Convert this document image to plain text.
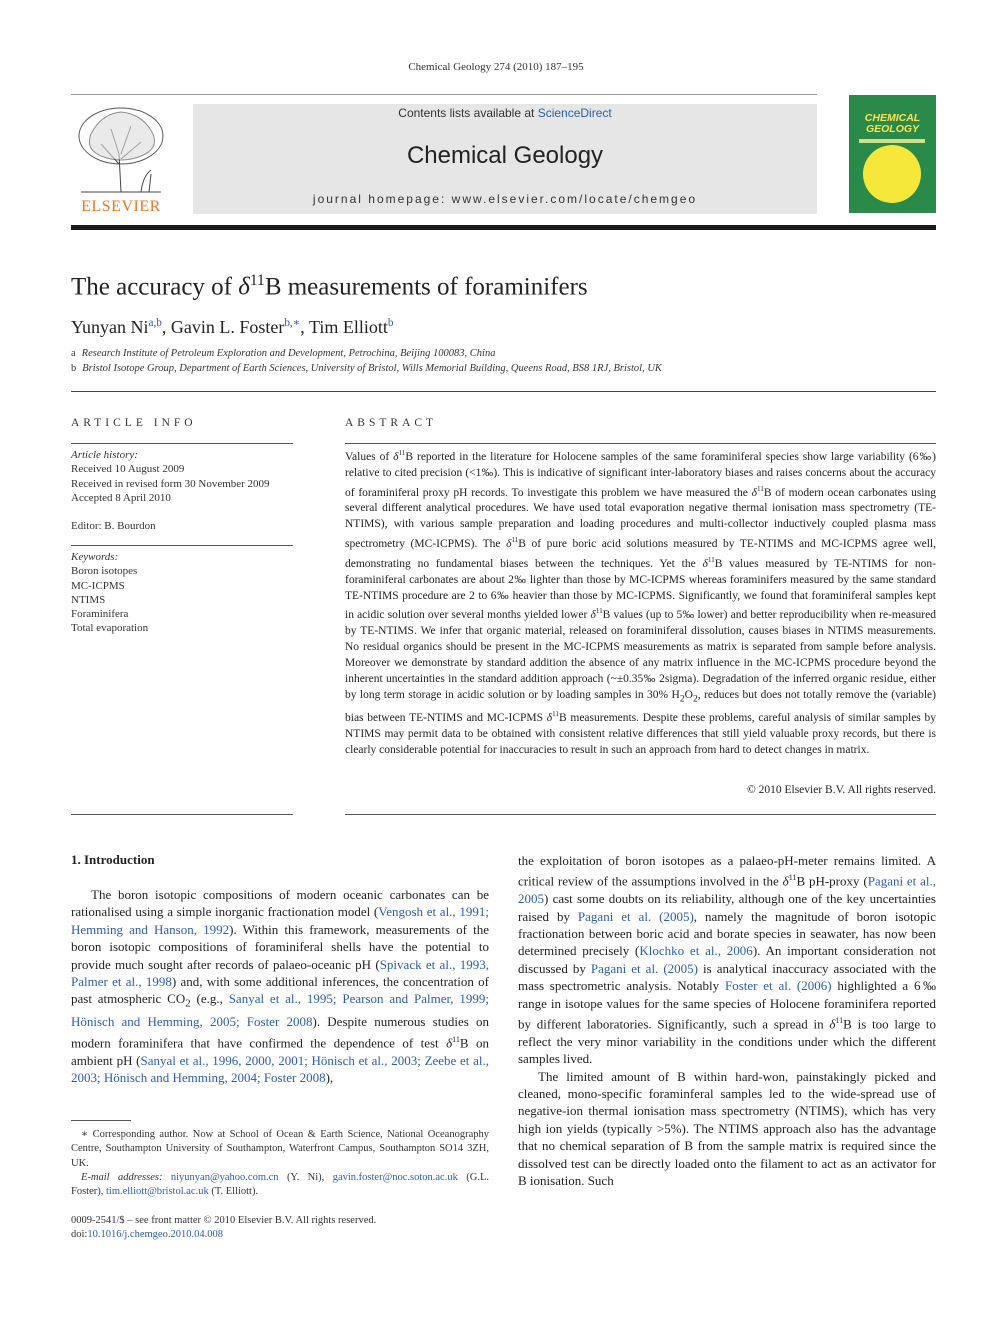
Chemical Geology 274 (2010) 187–195
ELSEVIER
Contents lists available at ScienceDirect
Chemical Geology
journal homepage: www.elsevier.com/locate/chemgeo
CHEMICAL
GEOLOGY
The accuracy of $\delta^{11}B$ measurements of foraminifers
Yunyan Ni$^{a,b}$, Gavin L. Foster$^{b,∗}$, Tim Elliott$^b$
a Research Institute of Petroleum Exploration and Development, Petrochina, Beijing 100083, China
b Bristol Isotope Group, Department of Earth Sciences, University of Bristol, Wills Memorial Building, Queens Road, BS8 1RJ, Bristol, UK
ARTICLE INFO
Article history:
Received 10 August 2009
Received in revised form 30 November 2009
Accepted 8 April 2010
Editor: B. Bourdon
Keywords:
Boron isotopes
MC-ICPMS
NTIMS
Foraminifera
Total evaporation
ABSTRACT
Values of $\delta^{11}B$ reported in the literature for Holocene samples of the same foraminiferal species show large variability (6‰) relative to cited precision (<1‰). This is indicative of significant inter-laboratory biases and raises concerns about the accuracy of foraminiferal proxy pH records. To investigate this problem we have measured the $\delta^{11}B$ of modern ocean carbonates using several different analytical procedures. We have used total evaporation negative thermal ionisation mass spectrometry (TE-NTIMS), with various sample preparation and loading procedures and multi-collector inductively coupled plasma mass spectrometry (MC-ICPMS). The $\delta^{11}B$ of pure boric acid solutions measured by TE-NTIMS and MC-ICPMS agree well, demonstrating no fundamental biases between the techniques. Yet the $\delta^{11}B$ values measured by TE-NTIMS for non-foraminiferal carbonates are about 2‰ lighter than those by MC-ICPMS whereas foraminifers measured by the same standard TE-NTIMS procedure are 2 to 6‰ heavier than those by MC-ICPMS. Significantly, we found that foraminiferal samples kept in acidic solution over several months yielded lower $\delta^{11}B$ values (up to 5‰ lower) and better reproducibility when re-measured by TE-NTIMS. We infer that organic material, released on foraminiferal dissolution, causes biases in NTIMS measurements. No residual organics should be present in the MC-ICPMS measurements as matrix is separated from sample before analysis. Moreover we demonstrate by standard addition the absence of any matrix influence in the MC-ICPMS procedure beyond the inherent uncertainties in the standard addition approach (~±0.35‰ 2sigma). Degradation of the inferred organic residue, either by long term storage in acidic solution or by loading samples in 30% $H_2O_2$, reduces but does not totally remove the (variable) bias between TE-NTIMS and MC-ICPMS $\delta^{11}B$ measurements. Despite these problems, careful analysis of similar samples by NTIMS may permit data to be obtained with consistent relative differences that still yield valuable proxy records, but there is clearly considerable potential for inaccuracies to result in such an approach from hard to detect changes in matrix.
© 2010 Elsevier B.V. All rights reserved.
1. Introduction

The boron isotopic compositions of modern oceanic carbonates can be rationalised using a simple inorganic fractionation model (Vengosh et al., 1991; Hemming and Hanson, 1992). Within this framework, measurements of the boron isotopic compositions of foraminiferal shells have the potential to provide much sought after records of palaeo-oceanic pH (Spivack et al., 1993, Palmer et al., 1998) and, with some additional inferences, the concentration of past atmospheric $CO_2$ (e.g., Sanyal et al., 1995; Pearson and Palmer, 1999; Hönisch and Hemming, 2005; Foster 2008). Despite numerous studies on modern foraminifera that have confirmed the dependence of test $\delta^{11}B$ on ambient pH (Sanyal et al., 1996, 2000, 2001; Hönisch et al., 2003; Zeebe et al., 2003; Hönisch and Hemming, 2004; Foster 2008),

∗ Corresponding author. Now at School of Ocean & Earth Science, National Oceanography Centre, Southampton University of Southampton, Waterfront Campus, Southampton SO14 3ZH, UK.
E-mail addresses: niyunyan@yahoo.com.cn (Y. Ni), gavin.foster@noc.soton.ac.uk (G.L. Foster), tim.elliott@bristol.ac.uk (T. Elliott).
0009-2541/$ – see front matter © 2010 Elsevier B.V. All rights reserved.
doi:10.1016/j.chemgeo.2010.04.008

the exploitation of boron isotopes as a palaeo-pH-meter remains limited. A critical review of the assumptions involved in the $\delta^{11}B$ pH-proxy (Pagani et al., 2005) cast some doubts on its reliability, although one of the key uncertainties raised by Pagani et al. (2005), namely the magnitude of boron isotopic fractionation between boric acid and borate species in seawater, has now been determined precisely (Klochko et al., 2006). An important consideration not discussed by Pagani et al. (2005) is analytical inaccuracy associated with the mass spectrometric analysis. Notably Foster et al. (2006) highlighted a 6‰ range in isotope values for the same species of Holocene foraminifera reported by different laboratories. Significantly, such a spread in $\delta^{11}B$ is too large to reflect the very minor variability in the conditions under which the different samples lived.

The limited amount of B within hard-won, painstakingly picked and cleaned, mono-specific foraminferal samples led to the wide-spread use of negative-ion thermal ionisation mass spectrometry (NTIMS), which has very high ion yields (typically >5%). The NTIMS approach also has the advantage that no chemical separation of B from the sample matrix is required since the dissolved test can be directly loaded onto the filament to act as an activator for B ionisation. Such
